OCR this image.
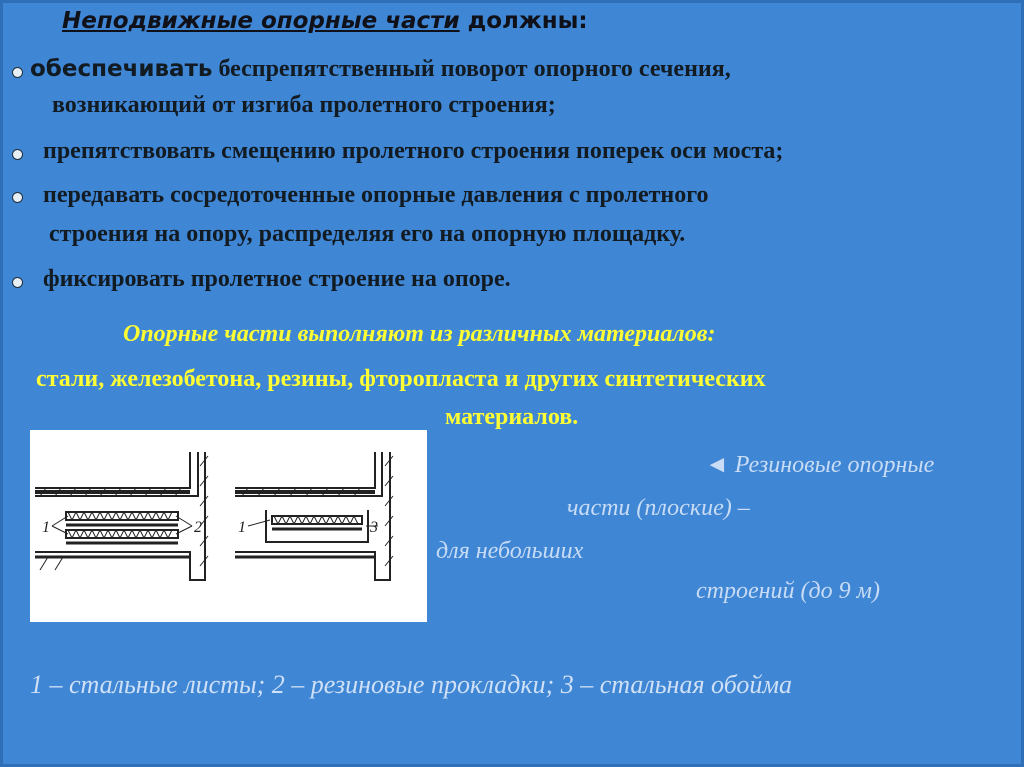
Неподвижные опорные части должны:
обеспечивать беспрепятственный поворот опорного сечения,
возникающий от изгиба пролетного строения;
препятствовать смещению пролетного строения поперек оси моста;
передавать сосредоточенные опорные давления с пролетного
строения на опору, распределяя его на опорную площадку.
фиксировать пролетное строение на опоре.
Опорные части выполняют из различных материалов:
стали, железобетона, резины, фторопласта и других синтетических
материалов.
1	2 1	3
◄ Резиновые опорные
части (плоские) –
для небольших
строений (до 9 м)
1 – стальные листы; 2 – резиновые прокладки; 3 – стальная обойма
